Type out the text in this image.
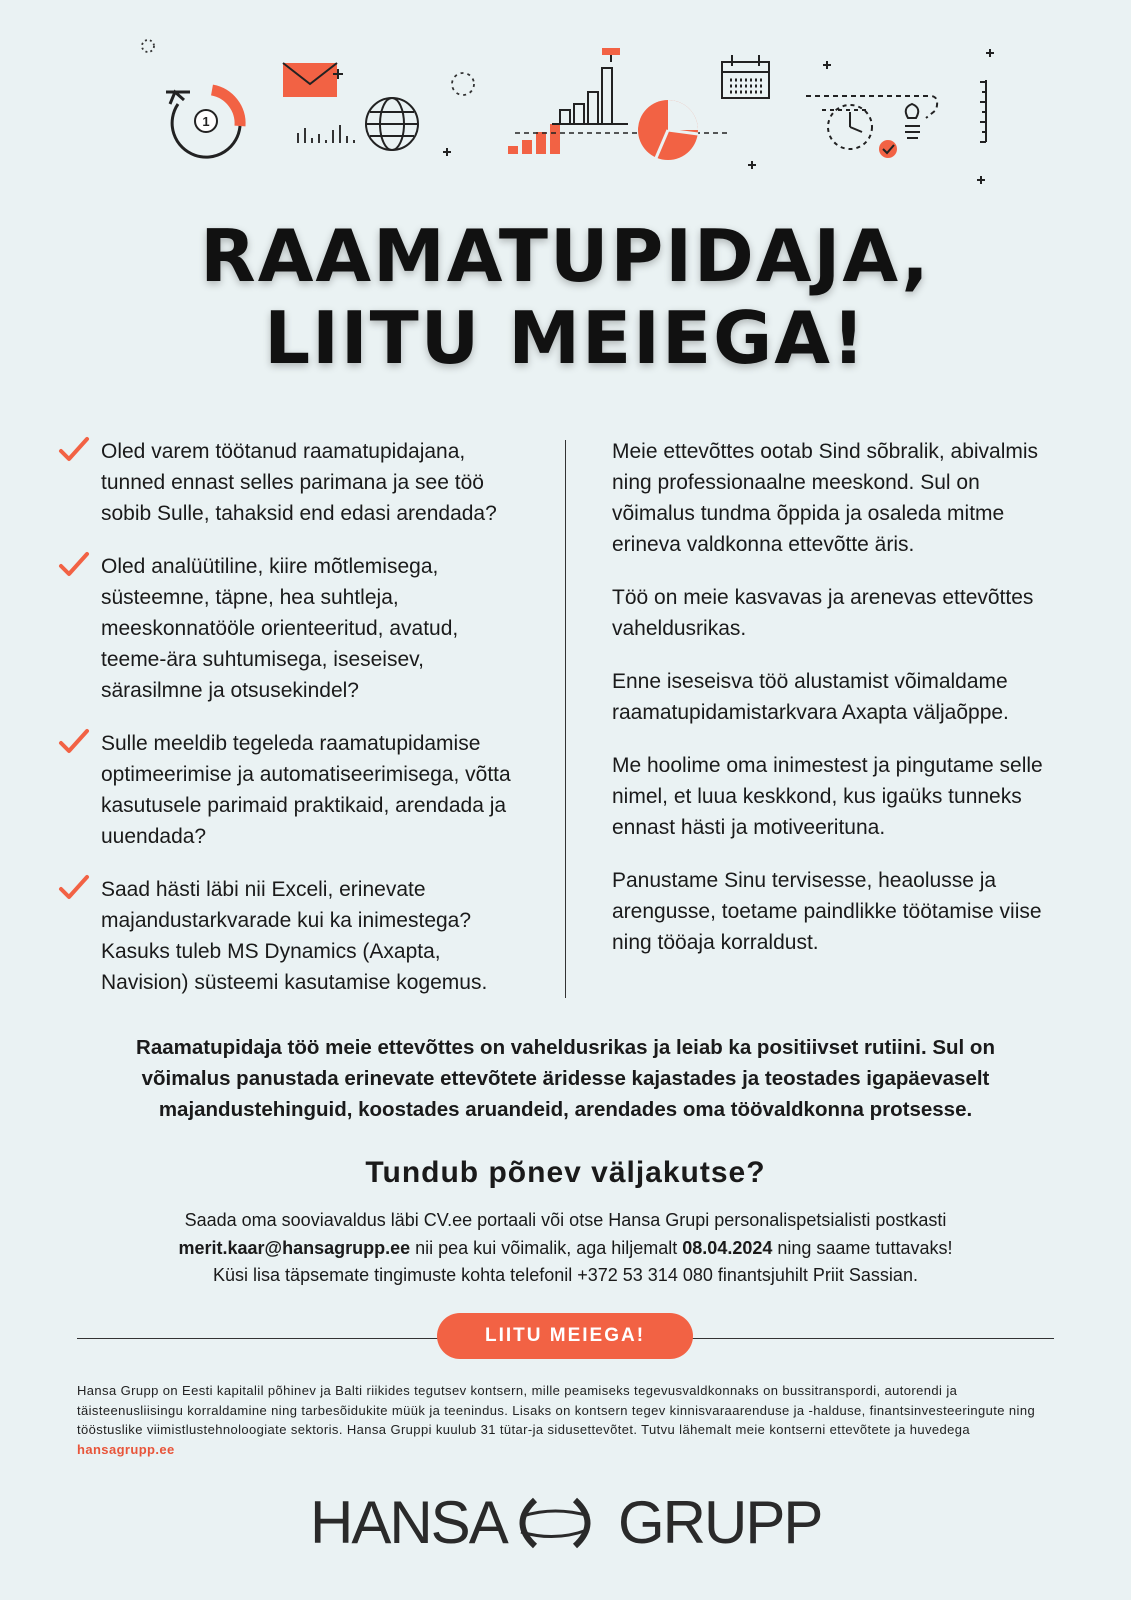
1
RAAMATUPIDAJA,
LIITU MEIEGA!
Oled varem töötanud raamatupidajana, tunned ennast selles parimana ja see töö sobib Sulle, tahaksid end edasi arendada?
Oled analüütiline, kiire mõtlemisega, süsteemne, täpne, hea suhtleja, meeskonnatööle orienteeritud, avatud, teeme-ära suhtumisega, iseseisev, särasilmne ja otsusekindel?
Sulle meeldib tegeleda raamatupidamise optimeerimise ja automatiseerimisega, võtta kasutusele parimaid praktikaid, arendada ja uuendada?
Saad hästi läbi nii Exceli, erinevate majandustarkvarade kui ka inimestega? Kasuks tuleb MS Dynamics (Axapta, Navision) süsteemi kasutamise kogemus.

Meie ettevõttes ootab Sind sõbralik, abivalmis ning professionaalne meeskond. Sul on võimalus tundma õppida ja osaleda mitme erineva valdkonna ettevõtte äris.

Töö on meie kasvavas ja arenevas ettevõttes vaheldusrikas.

Enne iseseisva töö alustamist võimaldame raamatupidamistarkvara Axapta väljaõppe.

Me hoolime oma inimestest ja pingutame selle nimel, et luua keskkond, kus igaüks tunneks ennast hästi ja motiveerituna.

Panustame Sinu tervisesse, heaolusse ja arengusse, toetame paindlikke töötamise viise ning tööaja korraldust.

Raamatupidaja töö meie ettevõttes on vaheldusrikas ja leiab ka positiivset rutiini. Sul on võimalus panustada erinevate ettevõtete äridesse kajastades ja teostades igapäevaselt majandustehinguid, koostades aruandeid, arendades oma töövaldkonna protsesse.
Tundub põnev väljakutse?
Saada oma sooviavaldus läbi CV.ee portaali või otse Hansa Grupi personalispetsialisti postkasti
merit.kaar@hansagrupp.ee nii pea kui võimalik, aga hiljemalt 08.04.2024 ning saame tuttavaks!
Küsi lisa täpsemate tingimuste kohta telefonil +372 53 314 080 finantsjuhilt Priit Sassian.
LIITU MEIEGA!
Hansa Grupp on Eesti kapitalil põhinev ja Balti riikides tegutsev kontsern, mille peamiseks tegevusvaldkonnaks on bussitranspordi, autorendi ja täisteenusliisingu korraldamine ning tarbesõidukite müük ja teenindus. Lisaks on kontsern tegev kinnisvaraarenduse ja -halduse, finantsinvesteeringute ning tööstuslike viimistlustehnoloogiate sektoris. Hansa Gruppi kuulub 31 tütar-ja sidusettevõtet. Tutvu lähemalt meie kontserni ettevõtete ja huvedega hansagrupp.ee
HANSA GRUPP
